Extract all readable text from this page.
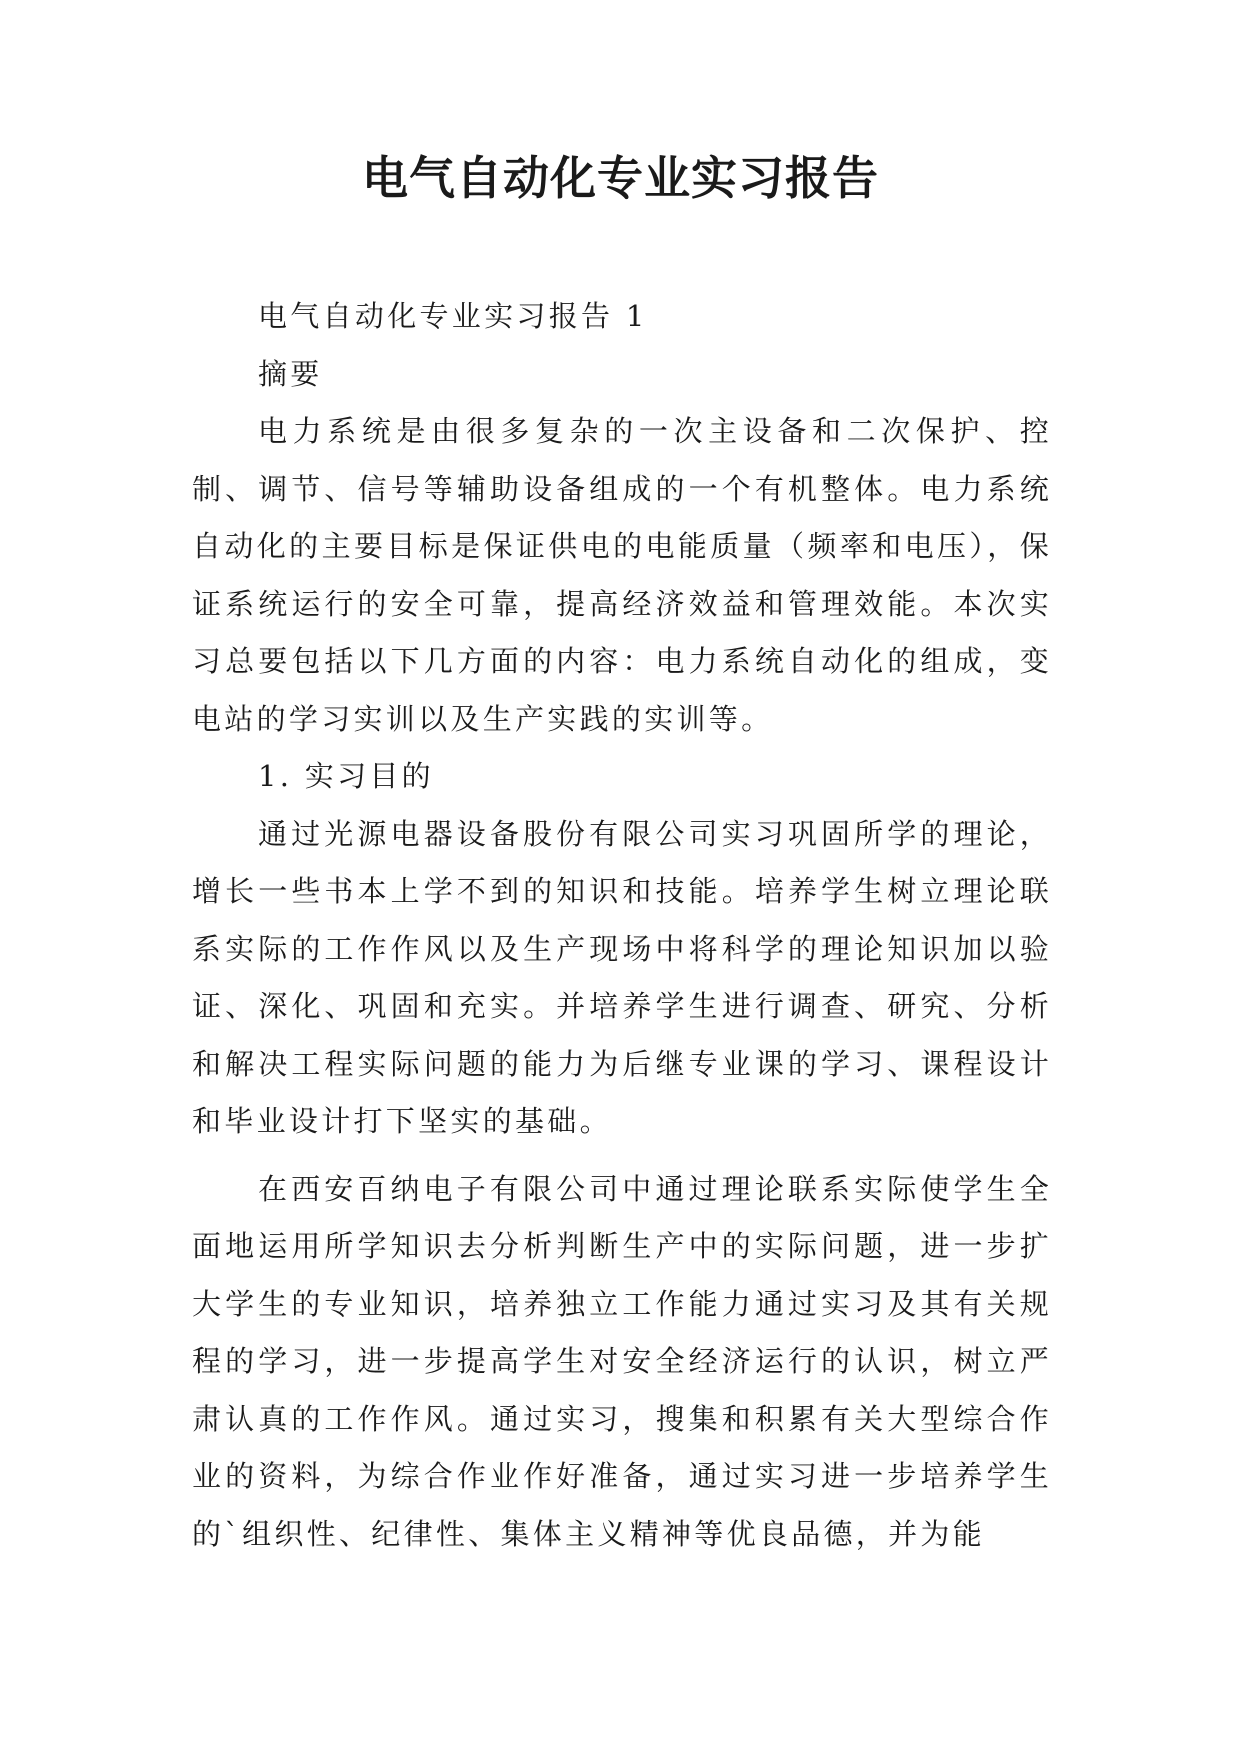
电气自动化专业实习报告

电气自动化专业实习报告 1

摘要

电力系统是由很多复杂的一次主设备和二次保护、控制、调节、信号等辅助设备组成的一个有机整体。电力系统自动化的主要目标是保证供电的电能质量（频率和电压），保证系统运行的安全可靠，提高经济效益和管理效能。本次实习总要包括以下几方面的内容：电力系统自动化的组成，变电站的学习实训以及生产实践的实训等。

1. 实习目的

通过光源电器设备股份有限公司实习巩固所学的理论，增长一些书本上学不到的知识和技能。培养学生树立理论联系实际的工作作风以及生产现场中将科学的理论知识加以验证、深化、巩固和充实。并培养学生进行调查、研究、分析和解决工程实际问题的能力为后继专业课的学习、课程设计和毕业设计打下坚实的基础。

在西安百纳电子有限公司中通过理论联系实际使学生全面地运用所学知识去分析判断生产中的实际问题，进一步扩大学生的专业知识，培养独立工作能力通过实习及其有关规程的学习，进一步提高学生对安全经济运行的认识，树立严肃认真的工作作风。通过实习，搜集和积累有关大型综合作业的资料，为综合作业作好准备，通过实习进一步培养学生的`组织性、纪律性、集体主义精神等优良品德，并为能
